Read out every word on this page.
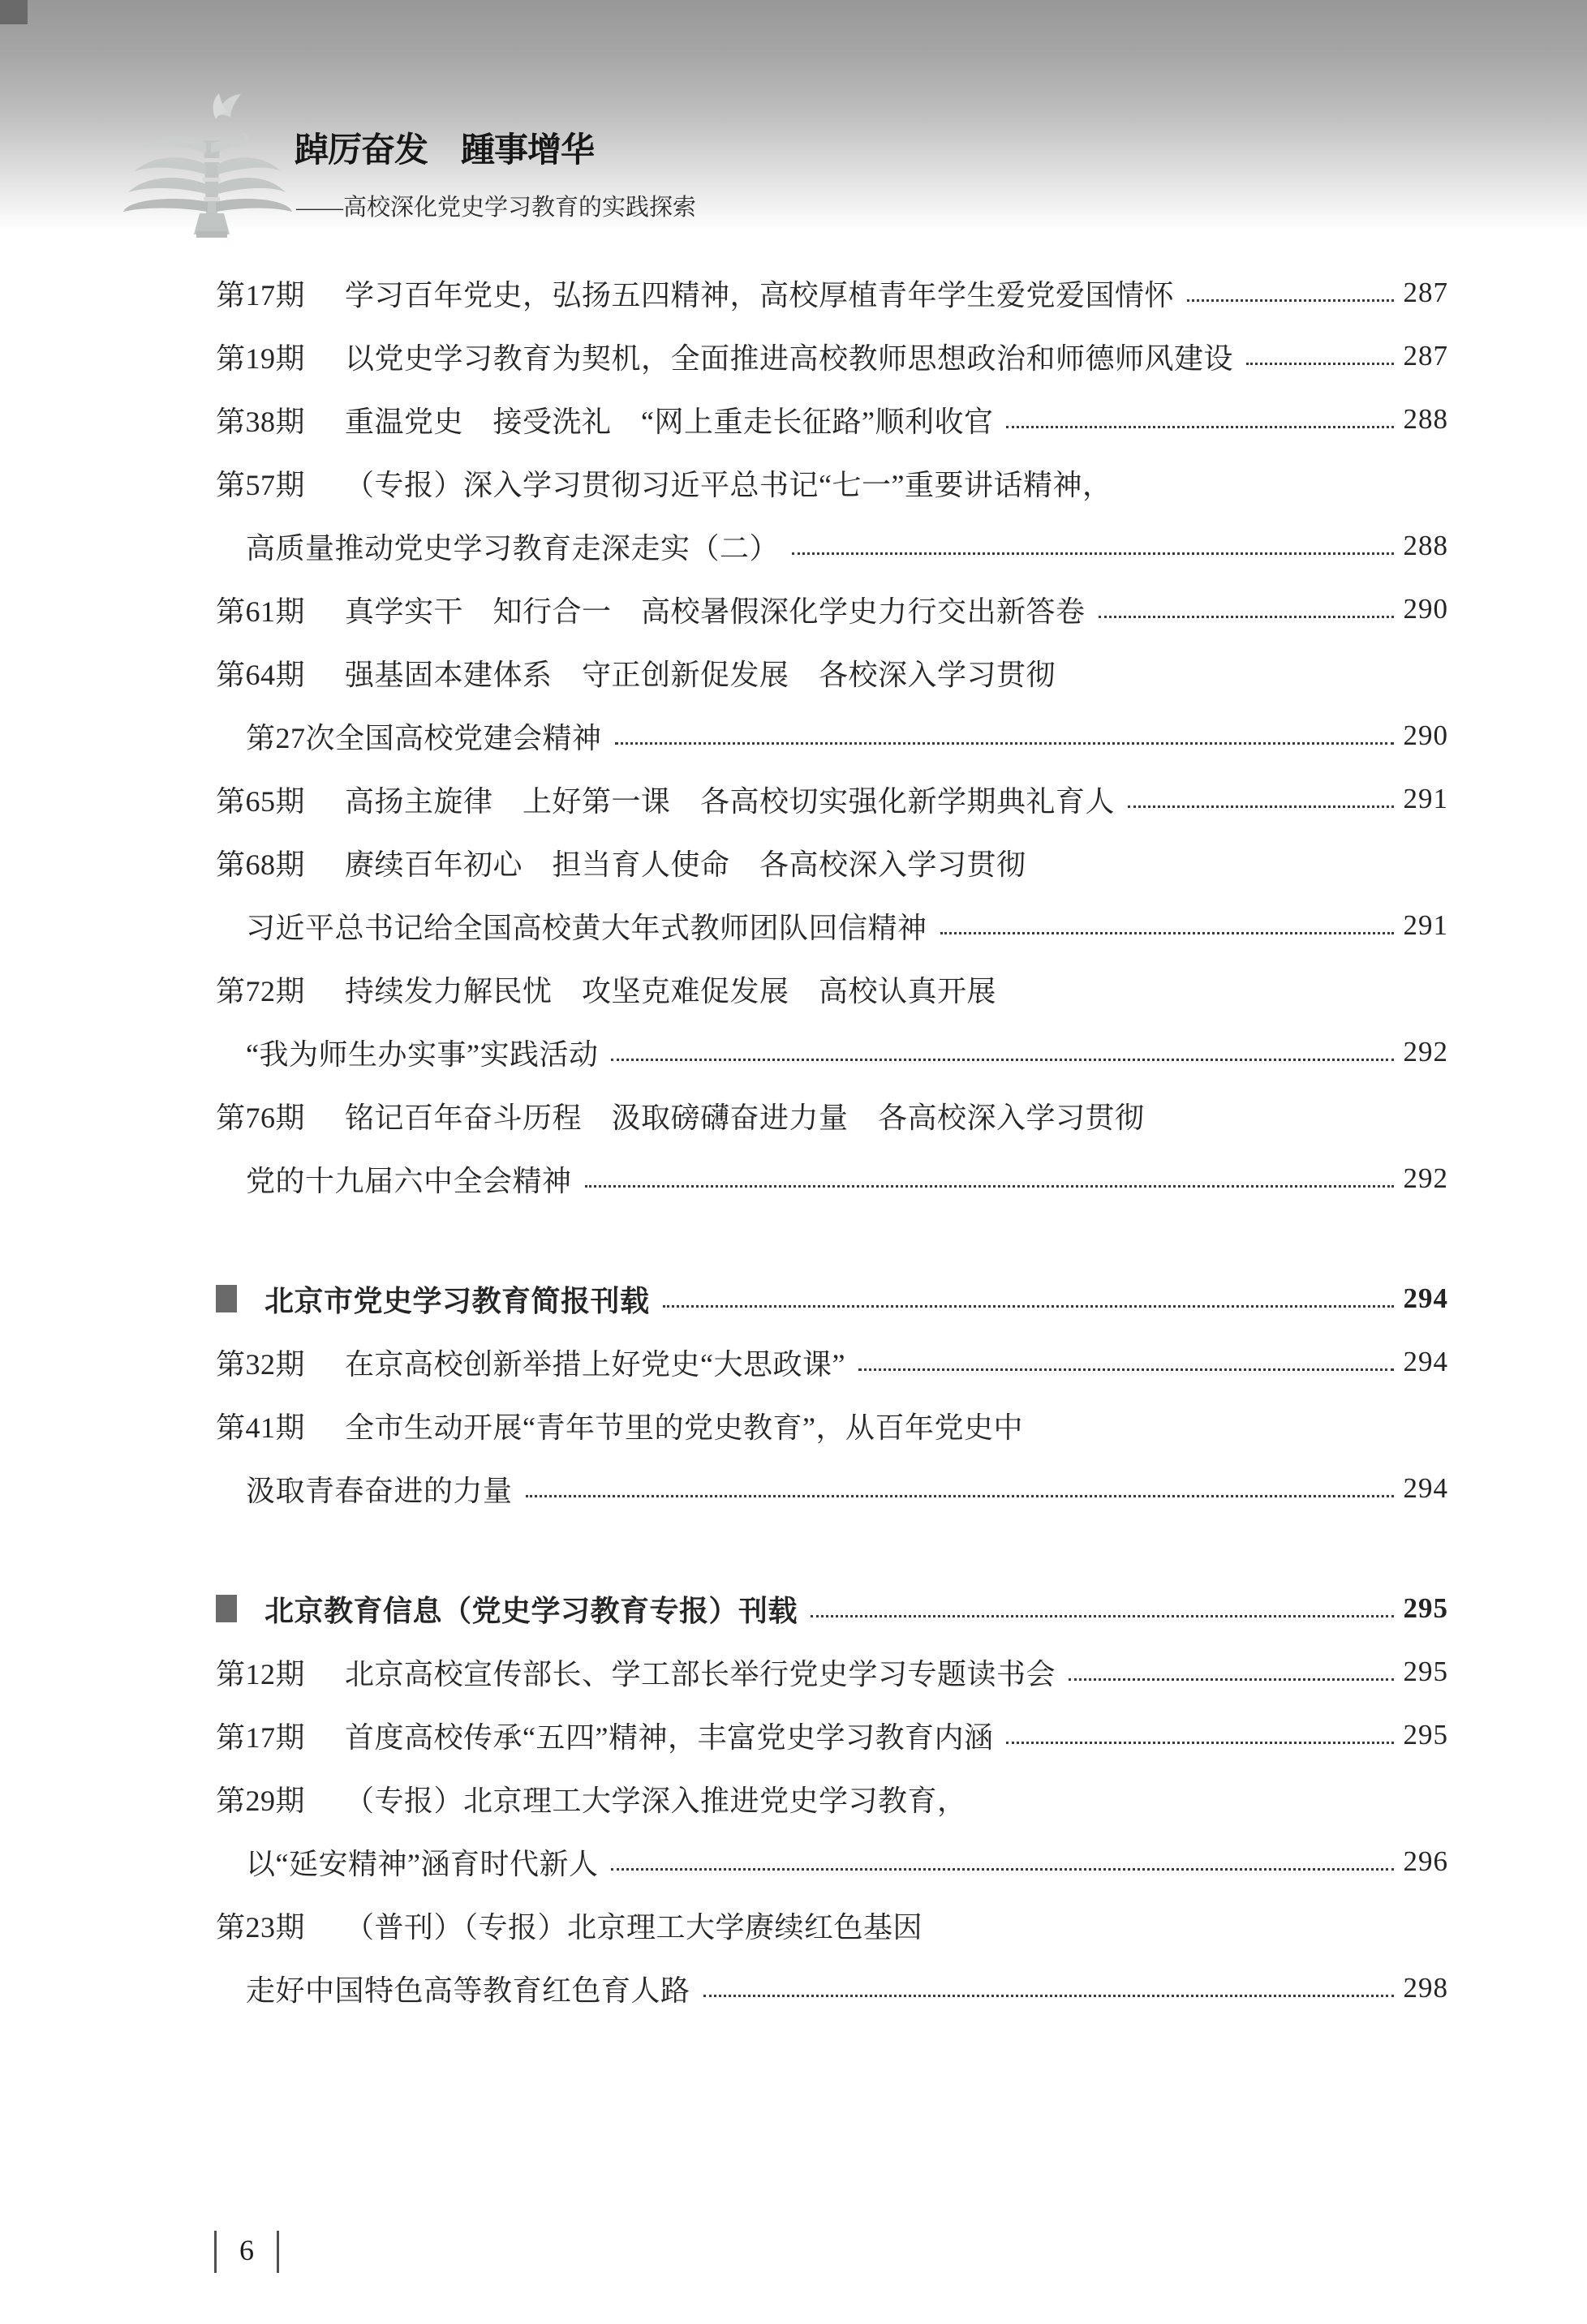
踔厉奋发　踵事增华
——高校深化党史学习教育的实践探索
第17期	学习百年党史，弘扬五四精神，高校厚植青年学生爱党爱国情怀	287
第19期	以党史学习教育为契机，全面推进高校教师思想政治和师德师风建设	287
第38期	重温党史　接受洗礼　“网上重走长征路”顺利收官	288
第57期	（专报）深入学习贯彻习近平总书记“七一”重要讲话精神，
高质量推动党史学习教育走深走实（二）	288
第61期	真学实干　知行合一　高校暑假深化学史力行交出新答卷	290
第64期	强基固本建体系　守正创新促发展　各校深入学习贯彻
第27次全国高校党建会精神	290
第65期	高扬主旋律　上好第一课　各高校切实强化新学期典礼育人	291
第68期	赓续百年初心　担当育人使命　各高校深入学习贯彻
习近平总书记给全国高校黄大年式教师团队回信精神	291
第72期	持续发力解民忧　攻坚克难促发展　高校认真开展
“我为师生办实事”实践活动	292
第76期	铭记百年奋斗历程　汲取磅礴奋进力量　各高校深入学习贯彻
党的十九届六中全会精神	292
北京市党史学习教育简报刊载	294
第32期	在京高校创新举措上好党史“大思政课”	294
第41期	全市生动开展“青年节里的党史教育”，从百年党史中
汲取青春奋进的力量	294
北京教育信息（党史学习教育专报）刊载	295
第12期	北京高校宣传部长、学工部长举行党史学习专题读书会	295
第17期	首度高校传承“五四”精神，丰富党史学习教育内涵	295
第29期	（专报）北京理工大学深入推进党史学习教育，
以“延安精神”涵育时代新人	296
第23期	（普刊）（专报）北京理工大学赓续红色基因
走好中国特色高等教育红色育人路	298
6
